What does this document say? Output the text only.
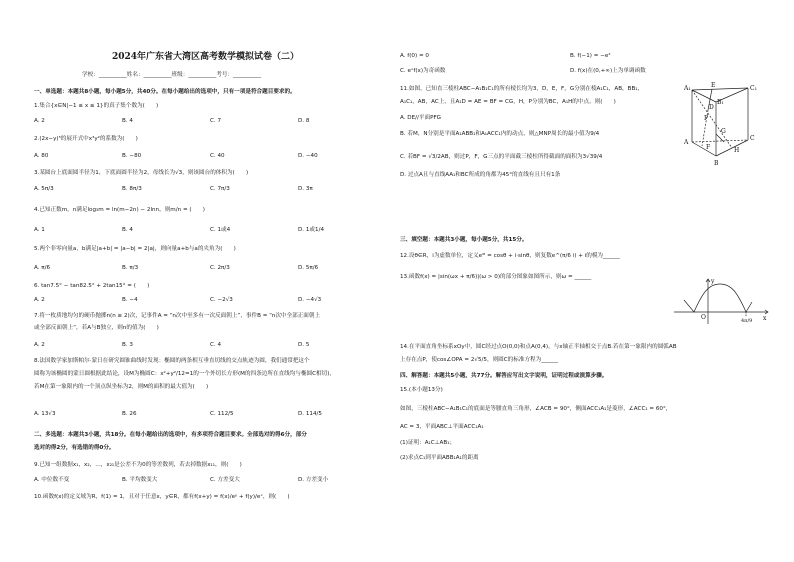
2024年广东省大湾区高考数学模拟试卷（二）
学校：__________姓名：__________班级：__________考号：__________
一、单选题：本题共8小题，每小题5分，共40分。在每小题给出的选项中，只有一项是符合题目要求的。
1.集合{x∈N|−1 ≤ x ≤ 1}的真子集个数为(　　)
A. 2	B. 4	C. 7	D. 8
2.(2x−y)⁵的展开式中x³y²的系数为(　　)
A. 80	B. −80	C. 40	D. −40
3.某圆台上底面圆半径为1，下底面圆半径为2，母线长为√3，则该圆台的体积为(　　)
A. 5π/3	B. 8π/3	C. 7π/3	D. 3π
4.已知正数m，n满足log₃m = ln(m−2n) − 2lnn，则m/n = (　　)
A. 1	B. 4	C. 1或4	D. 1或1/4
5.两个非零向量a，b满足|a+b| = |a−b| = 2|a|，则向量a+b与a的夹角为(　　)
A. π/6	B. π/3	C. 2π/3	D. 5π/6
6. tan7.5° − tan82.5° + 2tan15° = (　　)
A. 2	B. −4	C. −2√3	D. −4√3
7.将一枚质地均匀的硬币抛掷n(n ≥ 2)次，记事件A = “n次中至多有一次反面朝上”，事件B = “n次中全部正面朝上
或全部反面朝上”，若A与B独立，则n的值为(　　)
A. 2	B. 3	C. 4	D. 5
8.法国数学家加斯帕尔·蒙日在研究圆锥曲线时发现：椭圆的两条相互垂直切线的交点轨迹为圆，我们通常把这个
圆称为该椭圆的蒙日圆根据此结论，设M为椭圆C：x²+y²/12=1的一个外切长方形(M的四条边所在直线均与椭圆C相切)，
若M在第一象限内的一个顶点纵坐标为2，则M的面积的最大值为(　　)
A. 13√3	B. 26	C. 112/5	D. 114/5
二、多选题：本题共3小题，共18分。在每小题给出的选项中，有多项符合题目要求。全部选对的得6分，部分
选对的得2分，有选错的得0分。
9.已知一组数据x₁，x₂，…，x₂₁是公差不为0的等差数列，若去掉数据x₁₁，则(　　)
A. 中位数不变	B. 平均数变大	C. 方差变大	D. 方差变小
10.函数f(x)的定义域为R，f(1) = 1，且对于任意x，y∈R，都有f(x+y) = f(x)/eʸ + f(y)/eˣ，则(　　)
A. f(0) = 0	B. f(−1) = −e²
C. eˣf(x)为奇函数	D. f(x)在(0,+∞)上为单调函数
11.如图，已知直三棱柱ABC−A₁B₁C₁的所有棱长均为3，D，E，F，G分别在棱A₁C₁，AB，BB₁，
A₁C₁，AB，AC上，且A₁D = AE = BF = CG，H，P分别为BC，A₁H的中点，则(　　)
A. DE//平面PFG
B. 若M，N分别是平面A₁ABB₁和A₁ACC₁内的动点，则△MNP周长的最小值为9/4
C. 若BF = √3/2AB，则过P，F，G三点的平面截三棱柱所得截面的面积为3√39/4
D. 过点A且与直线AA₁和BC所成的角都为45°的直线有且只有1条
三、填空题：本题共3小题，每小题5分，共15分。
12.设θ∈R，i为虚数单位，定义eⁱᶿ = cosθ + i·sinθ，则复数e^(π/6 i) + i的模为______
13.函数f(x) = |sin(ωx + π/6)|(ω > 0)的部分图象如图所示，则ω = ______
14.在平面直角坐标系xOy中，圆C经过点O(0,0)和点A(0,4)，与x轴正半轴相交于点B.若在第一象限内的圆弧AB
上存在点P，使cos∠OPA = 2√5/5，则圆C的标准方程为______
四、解答题：本题共5小题，共77分。解答应写出文字说明，证明过程或演算步骤。
15.(本小题13分)
如图，三棱柱ABC−A₁B₁C₁的底面是等腰直角三角形，∠ACB = 90°，侧面ACC₁A₁是菱形，∠ACC₁ = 60°，
AC = 3，平面ABC⊥平面ACC₁A₁
(1)证明：A₁C⊥AB₁；
(2)求点C₁到平面ABB₁A₁的距离
A₁	E	C₁
D
B₁
P
A
G
C
F	H
B
y
x
O	4π/9
